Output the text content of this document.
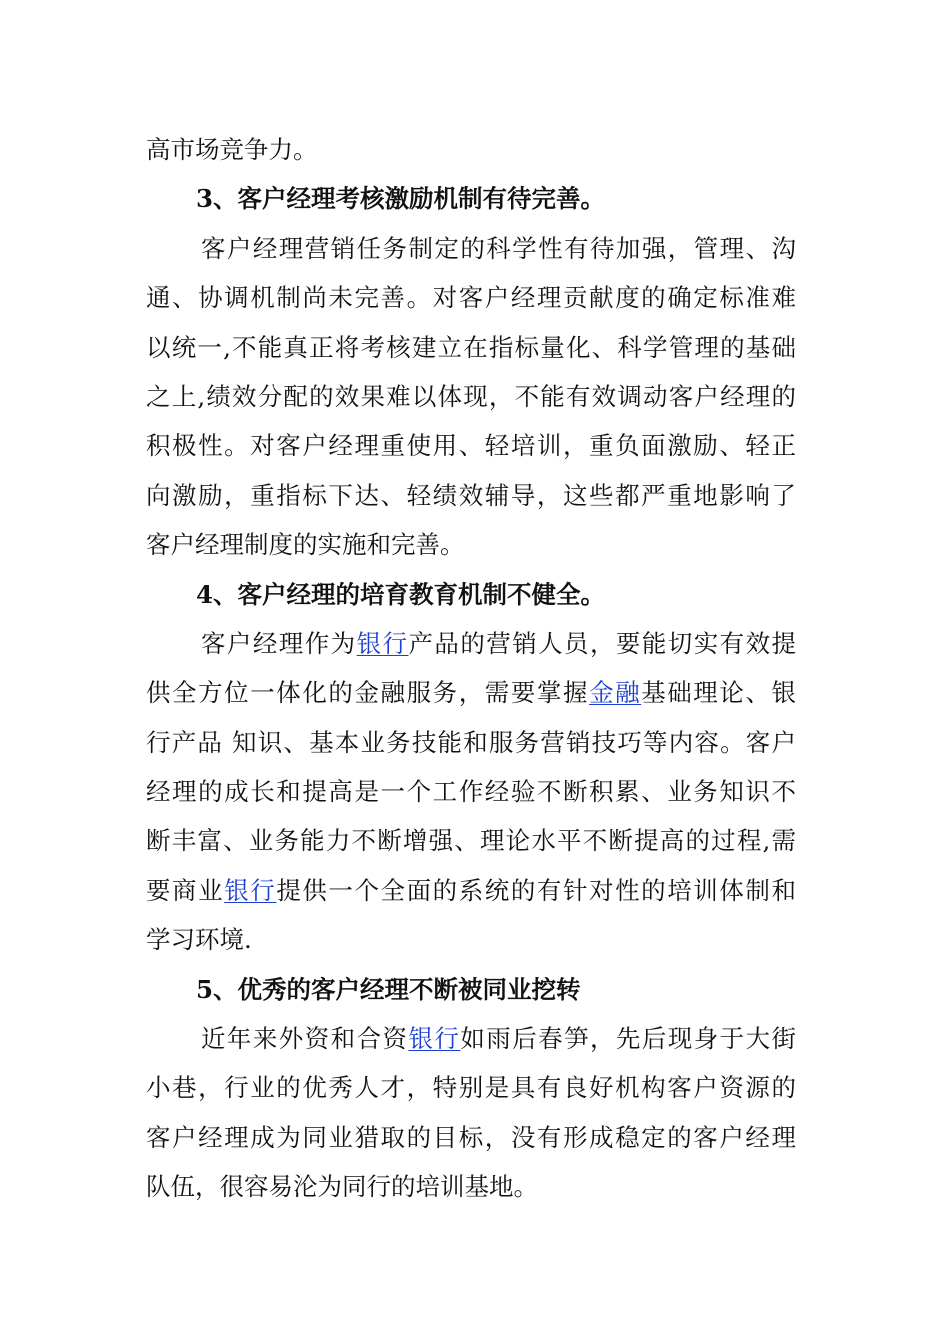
高市场竞争力。
3、客户经理考核激励机制有待完善。
客户经理营销任务制定的科学性有待加强，管理、沟
通、协调机制尚未完善。对客户经理贡献度的确定标准难
以统一,不能真正将考核建立在指标量化、科学管理的基础
之上,绩效分配的效果难以体现，不能有效调动客户经理的
积极性。对客户经理重使用、轻培训，重负面激励、轻正
向激励，重指标下达、轻绩效辅导，这些都严重地影响了
客户经理制度的实施和完善。
4、客户经理的培育教育机制不健全。
客户经理作为银行产品的营销人员，要能切实有效提
供全方位一体化的金融服务，需要掌握金融基础理论、银
行产品 知识、基本业务技能和服务营销技巧等内容。客户
经理的成长和提高是一个工作经验不断积累、业务知识不
断丰富、业务能力不断增强、理论水平不断提高的过程,需
要商业银行提供一个全面的系统的有针对性的培训体制和
学习环境.
5、优秀的客户经理不断被同业挖转
近年来外资和合资银行如雨后春笋，先后现身于大街
小巷，行业的优秀人才，特别是具有良好机构客户资源的
客户经理成为同业猎取的目标，没有形成稳定的客户经理
队伍，很容易沦为同行的培训基地。
